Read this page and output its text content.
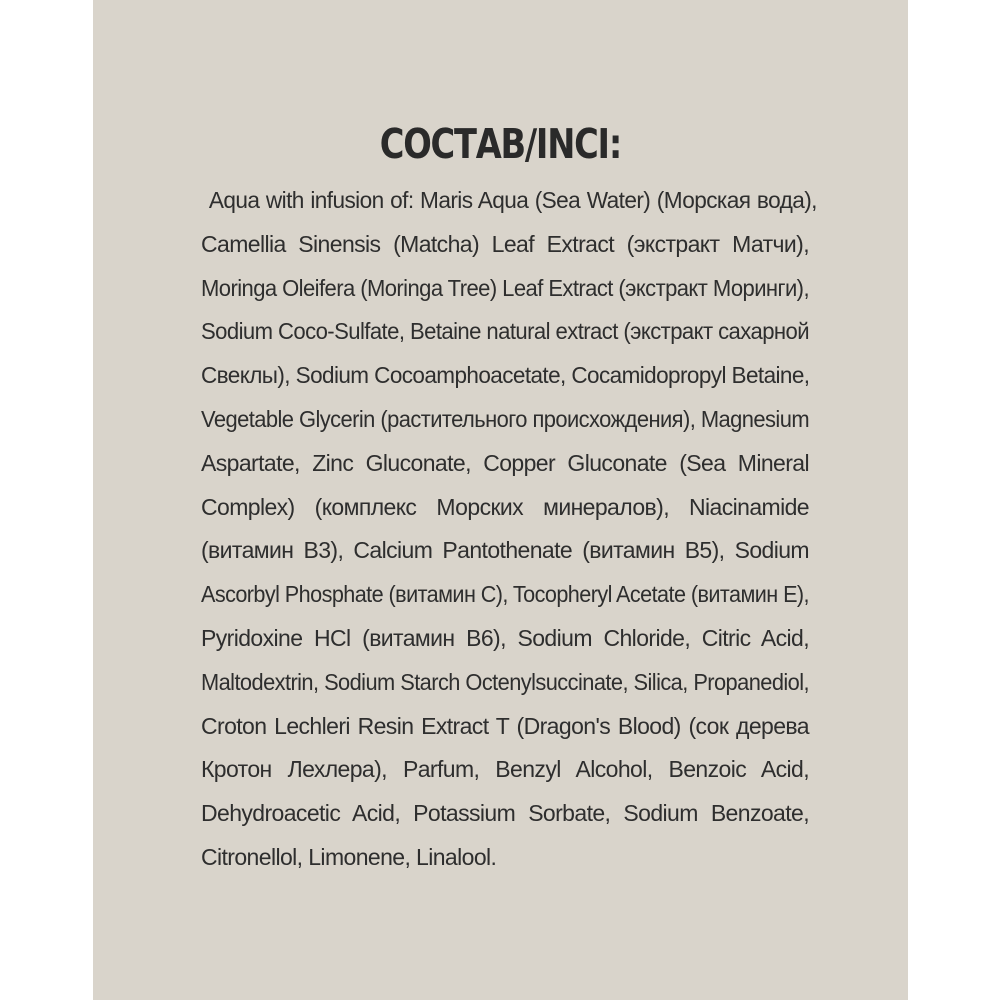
СОСТАВ/INCI:
Aqua with infusion of: Maris Aqua (Sea Water) (Морская вода),
Camellia Sinensis (Matcha) Leaf Extract (экстракт Матчи),
Moringa Oleifera (Moringa Tree) Leaf Extract (экстракт Моринги),
Sodium Coco-Sulfate, Betaine natural extract (экстракт сахарной
Свеклы), Sodium Cocoamphoacetate, Cocamidopropyl Betaine,
Vegetable Glycerin (растительного происхождения), Magnesium
Aspartate, Zinc Gluconate, Copper Gluconate (Sea Mineral
Complex) (комплекс Морских минералов), Niacinamide
(витамин B3), Calcium Pantothenate (витамин B5), Sodium
Ascorbyl Phosphate (витамин С), Tocopheryl Acetate (витамин Е),
Pyridoxine HCl (витамин B6), Sodium Chloride, Citric Acid,
Maltodextrin, Sodium Starch Octenylsuccinate, Silica, Propanediol,
Croton Lechleri Resin Extract T (Dragon's Blood) (сок дерева
Кротон Лехлера), Parfum, Benzyl Alcohol, Benzoic Acid,
Dehydroacetic Acid, Potassium Sorbate, Sodium Benzoate,
Citronellol, Limonene, Linalool.
